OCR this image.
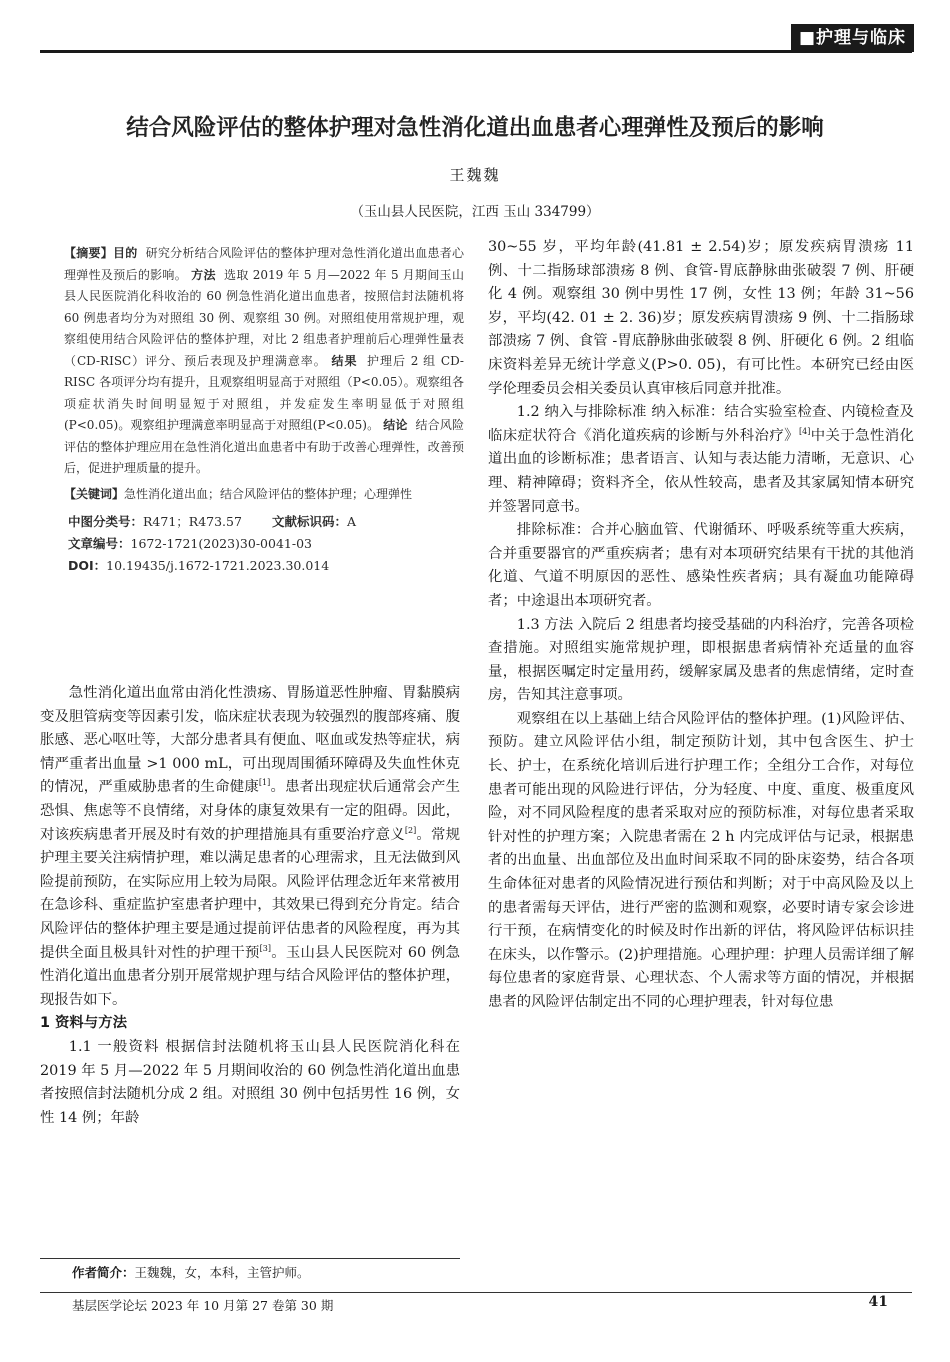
■护理与临床
结合风险评估的整体护理对急性消化道出血患者心理弹性及预后的影响
王魏魏
（玉山县人民医院，江西 玉山 334799）
【摘要】目的 研究分析结合风险评估的整体护理对急性消化道出血患者心理弹性及预后的影响。 方法 选取 2019 年 5 月—2022 年 5 月期间玉山县人民医院消化科收治的 60 例急性消化道出血患者，按照信封法随机将 60 例患者均分为对照组 30 例、观察组 30 例。对照组使用常规护理，观察组使用结合风险评估的整体护理，对比 2 组患者护理前后心理弹性量表（CD-RISC）评分、预后表现及护理满意率。 结果 护理后 2 组 CD-RISC 各项评分均有提升，且观察组明显高于对照组（P<0.05）。观察组各项症状消失时间明显短于对照组，并发症发生率明显低于对照组(P<0.05)。观察组护理满意率明显高于对照组(P<0.05)。 结论 结合风险评估的整体护理应用在急性消化道出血患者中有助于改善心理弹性，改善预后，促进护理质量的提升。
【关键词】急性消化道出血；结合风险评估的整体护理；心理弹性
中图分类号： R471；R473.57 文献标识码： A
文章编号： 1672-1721(2023)30-0041-03
DOI： 10.19435/j.1672-1721.2023.30.014

急性消化道出血常由消化性溃疡、胃肠道恶性肿瘤、胃黏膜病变及胆管病变等因素引发，临床症状表现为较强烈的腹部疼痛、腹胀感、恶心呕吐等，大部分患者具有便血、呕血或发热等症状，病情严重者出血量 >1 000 mL，可出现周围循环障碍及失血性休克的情况，严重威胁患者的生命健康[1]。患者出现症状后通常会产生恐惧、焦虑等不良情绪，对身体的康复效果有一定的阻碍。因此，对该疾病患者开展及时有效的护理措施具有重要治疗意义[2]。常规护理主要关注病情护理，难以满足患者的心理需求，且无法做到风险提前预防，在实际应用上较为局限。风险评估理念近年来常被用在急诊科、重症监护室患者护理中，其效果已得到充分肯定。结合风险评估的整体护理主要是通过提前评估患者的风险程度，再为其提供全面且极具针对性的护理干预[3]。玉山县人民医院对 60 例急性消化道出血患者分别开展常规护理与结合风险评估的整体护理，现报告如下。

1 资料与方法

1.1 一般资料 根据信封法随机将玉山县人民医院消化科在 2019 年 5 月—2022 年 5 月期间收治的 60 例急性消化道出血患者按照信封法随机分成 2 组。对照组 30 例中包括男性 16 例，女性 14 例；年龄

30~55 岁，平均年龄(41.81 ± 2.54)岁；原发疾病胃溃疡 11 例、十二指肠球部溃疡 8 例、食管-胃底静脉曲张破裂 7 例、肝硬化 4 例。观察组 30 例中男性 17 例，女性 13 例；年龄 31~56 岁，平均(42. 01 ± 2. 36)岁；原发疾病胃溃疡 9 例、十二指肠球部溃疡 7 例、食管 -胃底静脉曲张破裂 8 例、肝硬化 6 例。2 组临床资料差异无统计学意义(P>0. 05)，有可比性。本研究已经由医学伦理委员会相关委员认真审核后同意并批准。

1.2 纳入与排除标准 纳入标准：结合实验室检查、内镜检查及临床症状符合《消化道疾病的诊断与外科治疗》[4]中关于急性消化道出血的诊断标准；患者语言、认知与表达能力清晰，无意识、心理、精神障碍；资料齐全，依从性较高，患者及其家属知情本研究并签署同意书。

排除标准：合并心脑血管、代谢循环、呼吸系统等重大疾病，合并重要器官的严重疾病者；患有对本项研究结果有干扰的其他消化道、气道不明原因的恶性、感染性疾者病；具有凝血功能障碍者；中途退出本项研究者。

1.3 方法 入院后 2 组患者均接受基础的内科治疗，完善各项检查措施。对照组实施常规护理，即根据患者病情补充适量的血容量，根据医嘱定时定量用药，缓解家属及患者的焦虑情绪，定时查房，告知其注意事项。

观察组在以上基础上结合风险评估的整体护理。(1)风险评估、预防。建立风险评估小组，制定预防计划，其中包含医生、护士长、护士，在系统化培训后进行护理工作；全组分工合作，对每位患者可能出现的风险进行评估，分为轻度、中度、重度、极重度风险，对不同风险程度的患者采取对应的预防标准，对每位患者采取针对性的护理方案；入院患者需在 2 h 内完成评估与记录，根据患者的出血量、出血部位及出血时间采取不同的卧床姿势，结合各项生命体征对患者的风险情况进行预估和判断；对于中高风险及以上的患者需每天评估，进行严密的监测和观察，必要时请专家会诊进行干预，在病情变化的时候及时作出新的评估，将风险评估标识挂在床头，以作警示。(2)护理措施。心理护理：护理人员需详细了解每位患者的家庭背景、心理状态、个人需求等方面的情况，并根据患者的风险评估制定出不同的心理护理表，针对每位患

作者简介：王魏魏，女，本科，主管护师。
基层医学论坛 2023 年 10 月第 27 卷第 30 期	41
